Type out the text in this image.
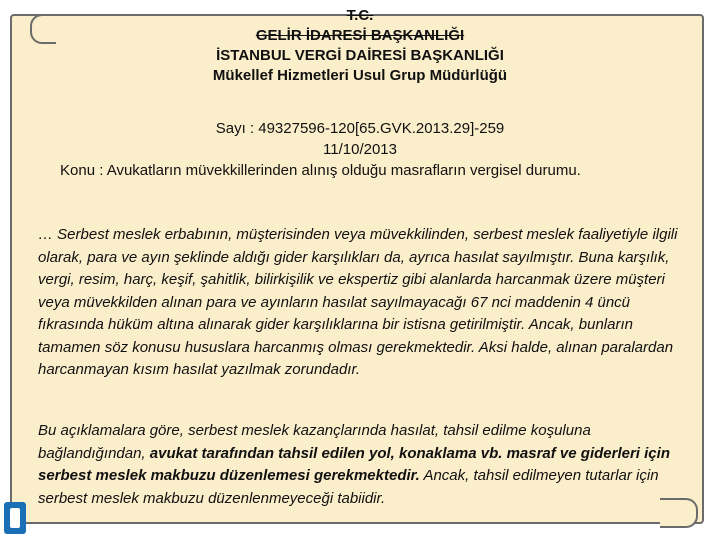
T.C.
GELİR İDARESİ BAŞKANLIĞI
İSTANBUL VERGİ DAİRESİ BAŞKANLIĞI
Mükellef Hizmetleri Usul Grup Müdürlüğü
Sayı : 49327596-120[65.GVK.2013.29]-259
11/10/2013
Konu : Avukatların müvekkillerinden alınış olduğu masrafların vergisel durumu.
… Serbest meslek erbabının, müşterisinden veya müvekkilinden, serbest meslek faaliyetiyle ilgili olarak, para ve ayın şeklinde aldığı gider karşılıkları da, ayrıca hasılat sayılmıştır. Buna karşılık, vergi, resim, harç, keşif, şahitlik, bilirkişilik ve ekspertiz gibi alanlarda harcanmak üzere müşteri veya müvekkilden alınan para ve ayınların hasılat sayılmayacağı 67 nci maddenin 4 üncü fıkrasında hüküm altına alınarak gider karşılıklarına bir istisna getirilmiştir. Ancak, bunların tamamen söz konusu hususlara harcanmış olması gerekmektedir. Aksi halde, alınan paralardan harcanmayan kısım hasılat yazılmak zorundadır.
Bu açıklamalara göre, serbest meslek kazançlarında hasılat, tahsil edilme koşuluna bağlandığından, avukat tarafından tahsil edilen yol, konaklama vb. masraf ve giderleri için serbest meslek makbuzu düzenlemesi gerekmektedir. Ancak, tahsil edilmeyen tutarlar için serbest meslek makbuzu düzenlenmeyeceği tabiidir.
